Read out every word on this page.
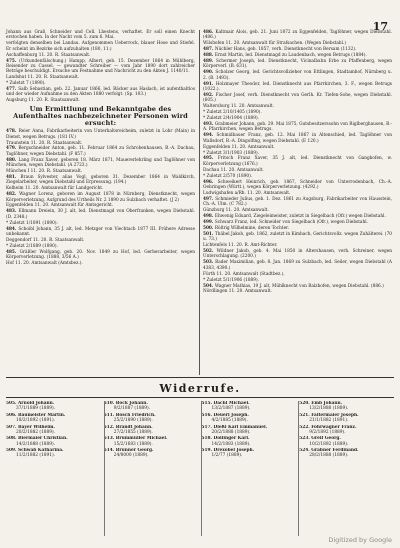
17
Johann aus Graß, Schneider und Cell. Lhestens, verhaftet. Er soll einen Knecht erstochen haben. In der Nacht vom 5. zum 6. Mai.
verfolgten denselben bei Landau. Aufgenommen Ueberrock, blauer Hose und Stiefel. Er scheint im Bezirke sich aufzuhalten (180, 11.)
Aschaffenburg 11. 20. R. Staatsanwalt.
475. (Urkundenfälschung.) Hampp, Albert, geb. 15. Dezember 1864 in Mühlberg, Reisender zu Cassel. — gewandter Schreiber — vom Jahr 1890 dort zahlreicher Beträge beschuldigt. Ersuche um Festnahme und Nachricht zu den Akten J. 1140/11.
Landshut 11. 20. R. Staatsanwalt.
* Zuletzt 7 (1890).
477. Salb Sebastian, geb. 22. Januar 1866, led. Bäcker aus Haslach, ist aufenthaltlos und der wieder Aufnahme zu den Akten 1880 verfolgt. (Sp. 103.)
Augsburg 11. 20. R. Staatsanwalt.
Um Ermittlung und Bekanntgabe des Aufenthaltes nachbezeichneter Personen wird ersucht:
478. Reier Anna, Fabrikarbeiterin von Unterhaltsreicheim, zuletzt in Lohr (Main) in Dienst, wegen Betrugs. (181 IV.)
Traunstein 11. 20. R. Staatsanwalt.
479. Bergschneider Anton, geb. 11. Februar 1864 zu Schrobenhausen, B.-A. Dachau, Taglöhner, wegen Diebstahl. (F 857.)
480. Lang Franz Xaver, geboren 18. März 1871, Mauererlehrling und Taglöhner von München, wegen Diebstahl. (A 2723.)
München I 11. 20. R. Staatsanwalt.
481. Braun Sylvester, alias Vogl, geboren 31. Dezember 1864 in Waldkirch, Ziegelarbeiter, wegen Diebstahl und Erpressung. (194.)
Kelheim 11. 20. Amtsanwalt für Landgericht.
482. Wagner Lorenz, geboren im August 1878 in Nürnberg, Dienstknecht, wegen Körperverletzung. Aufgrund des Urtheils Nr. 2 1890 zu Sulzbach verhaftet. (J 2)
Eggenfelden 11. 20. Amtsanwalt für Amtsgericht.
483. Ellmann Dreiein, 30 J. alt, led. Dienstmagd von Oberfranken, wegen Diebstahl. (D. 2348.)
* Zuletzt 1/1891 (1890).
484. Schoibl Johann, 35 J. alt, led. Metzger von Viechtach 1877 III. Frühere Adresse unbekannt.
Deggendorf 11. 20. R. Staatsanwalt.
* Zuletzt 2/1889 (1890).
485. Gräßler Wolfgang, geb. 20. Nov. 1849 zu Hof, led. Gerberarbeiter, wegen Körperverletzung. (1888, 3/56 A.)
Hof 11. 20. Amtsanwalt (Amtsbez.).
486. Kaltmair Alois, geb. 21. Juni 1872 zu Eggenfelden, Taglöhner, wegen Diebstahl. (486.)
Wilshofen 11. 20. Amtsanwalt für Strafsachen. (Wegen Diebstahl.)
487. Nüchler Hans, geb. 1857, verh. Dienstknecht von Bersam (1132).
488. Ernst Martin, led. Dienstmagd zu Laudenbach, wegen Betrugs (1884).
489. Schermer Joseph, led. Dienstknecht, Vicinalbahn Erbe zu Pfaffenberg, wegen Körperverl. (B. 631).
490. Scholzer Georg, led. Gerichtsvollzieher von Ettlingen, Stadtamhof, Nürnberg u. 2. (B. 1493).
491. Holzmayer Theodor, led. Dienstknecht aus Pfarrkirchen, 3. F., wegen Betrugs (1022.).
492. Fischer Josef, verh. Dienstknecht von Gerlh. Kr. Tiefen-Sohe, wegen Diebstahl. (605.)
Waltersburg 11. 20. Amtsanwalt.
* Zuletzt 2/10/1405 (1890).
* Zuletzt 2/4/1904 (1889).
493. Grabmeier Johann, geb. 29. Mai 1875, Gutsbesitzerssohn von Riglberghausen, B.-A. Pfarrkirchen, wegen Betrugs.
494. Schmidbauer Franz, geb. 12. Mai 1867 in Altenschied, led. Taglöhner von Wallsdorf, B.-A. Dingolfing, wegen Diebstahl. (E 120.)
Eggenfelden 11. 20. Amtsanwalt.
* Zuletzt 3/1/1903 (1889).
495. Fritsch Franz Xaver, 35 J. alt, led. Dienstknecht von Gangkofen, w. Körperverletzung (1676.)
Dachau 11. 20. Amtsanwalt.
* Zuletzt 2/570 (1890).
496. Schweikert Heinrich, geb. 1867, Schneider von Unterrodenbach, Ch.-A. Oehringen (Württ.), wegen Körperverletzung. (4292.)
Ludwigshafen a/Rh. 11. 20. Amtsanwalt.
497. Schmieder Julius, geb. 1. Dez. 1861 zu Augsburg, Fabrikarbeiter von Hausstein, Ch.-A. Ulm. (C 782.)
Günzburg 11. 20. Amtsanwalt.
498. Ehwenig Eduard, Ziegeleimeister, zuletzt in Siegelbach (Ofr.) wegen Diebstahl.
499. Schwarz Franz, led. Schneider von Siegelbach (Ofr.), wegen Diebstahl.
500. Rößrig Wilhelmine, deren Tochter.
501. Thäbel Jakob, geb. 1862, zuletzt in Kimbach, Gerichtsvollz. wegen Zuhälterei. (70 u. 73.)
Lichtenfels 11. 20. R. Amt-Richter.
502. Wildner Jakob, geb. 4. Mai 1850 in Altershausen, verh. Schreiner, wegen Unterschlagung. (2200.)
503. Bader Maximilian, geb. 8. Jan. 1869 zu Sulzbach, led. Seiler, wegen Diebstahl (A 4383, 4390.)
Fürth 11. 20. Amtsanwalt (Stadtbez.).
* Zuletzt 5/1/1906 (1889).
504. Wagner Mathias, 19 J. alt, Mühlknecht von Balzhofen, wegen Diebstahl. (886.)
Nördlingen 11. 20. Amtsanwalt.
Widerrufe.
505. Arnold Johann.
37/1/1889 (1889).
506. Baumeister Martin.
18/2/1892 (1891).
507. Bayer Wilhelm.
20/2/1882 (1889).
508. Biermaier Christian.
14/2/1888 (1889).
509. Schwab Katharina.
11/2/1882 (1891).
510. Bock Johann.
9/2/1887 (1889).
511. Bösch Friedrich.
25/2/1890 (1889).
512. Brandt Johann.
27/2/1855 (1889).
513. Brummüller Michael.
15/2/1683 (1889).
514. Brunner Georg.
24/8000 (1889).
515. Dachl Michael.
13/2/1887 (1889).
516. Deuerl Joseph.
4/2/1885 (1889).
517. Dießl Karl Emmanuel.
20/2/1888 (1889).
518. Dollinger Karl.
14/2/1883 (1889).
519. Drexobel Joseph.
1/2/77 (1889).
520. Emb Johann.
13/2/1888 (1889).
521. Faltermaier Joseph.
21/1/1882 (1891).
522. Föhrwagner Franz.
9/2/1892 (1889).
523. Greif Georg.
10/2/1892 (1889).
524. Grabner Ferdinand.
28/2/1888 (1889).
Digitized by Google
